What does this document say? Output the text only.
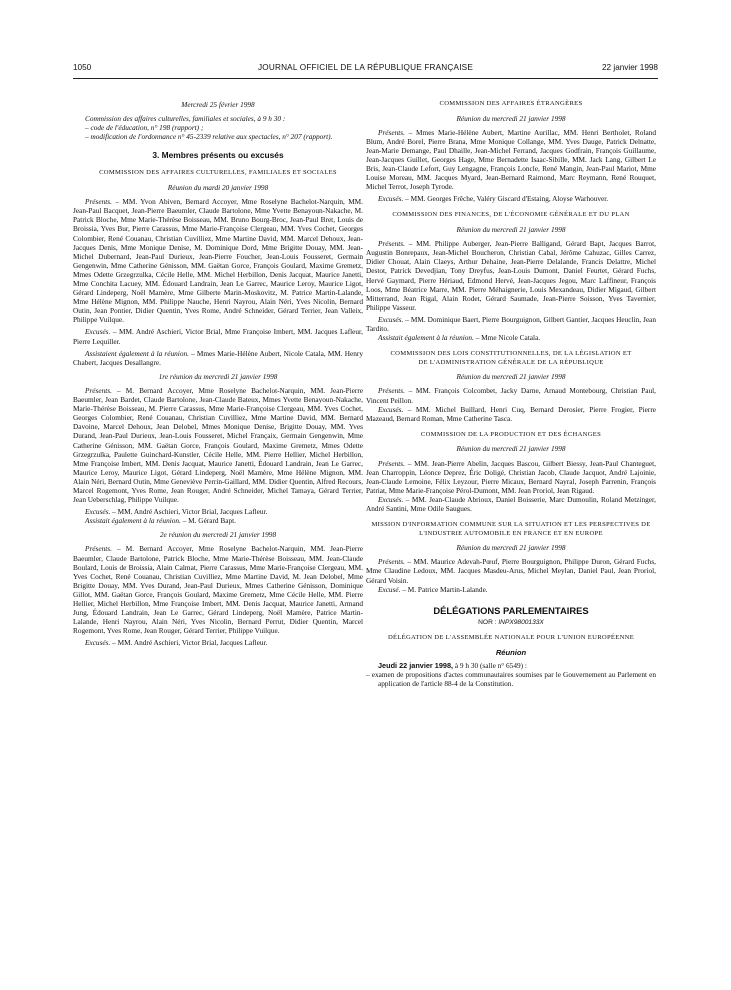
1050	JOURNAL OFFICIEL DE LA RÉPUBLIQUE FRANÇAISE	22 janvier 1998
Mercredi 25 février 1998

Commission des affaires culturelles, familiales et sociales, à 9 h 30 :

– code de l'éducation, n° 198 (rapport) ;
– modification de l'ordonnance n° 45-2339 relative aux spectacles, n° 207 (rapport).
3. Membres présents ou excusés
COMMISSION DES AFFAIRES CULTURELLES, FAMILIALES ET SOCIALES
Réunion du mardi 20 janvier 1998

Présents. – MM. Yvon Abiven, Bernard Accoyer, Mme Roselyne Bachelot-Narquin, MM. Jean-Paul Bacquet, Jean-Pierre Baeumler, Claude Bartolone, Mme Yvette Benayoun-Nakache, M. Patrick Bloche, Mme Marie-Thérèse Boisseau, MM. Bruno Bourg-Broc, Jean-Paul Bret, Louis de Broissia, Yves Bur, Pierre Carassus, Mme Marie-Françoise Clergeau, MM. Yves Cochet, Georges Colombier, René Couanau, Christian Cuvilliez, Mme Martine David, MM. Marcel Dehoux, Jean-Jacques Denis, Mme Monique Denise, M. Dominique Dord, Mme Brigitte Douay, MM. Jean-Michel Dubernard, Jean-Paul Durieux, Jean-Pierre Foucher, Jean-Louis Fousseret, Germain Gengenwin, Mme Catherine Génisson, MM. Gaëtan Gorce, François Goulard, Maxime Gremetz, Mmes Odette Grzegrzulka, Cécile Helle, MM. Michel Herbillon, Denis Jacquat, Maurice Janetti, Mme Conchita Lacuey, MM. Édouard Landrain, Jean Le Garrec, Maurice Leroy, Maurice Ligot, Gérard Lindeperg, Noël Mamère, Mme Gilberte Marin-Moskovitz, M. Patrice Martin-Lalande, Mme Hélène Mignon, MM. Philippe Nauche, Henri Nayrou, Alain Néri, Yves Nicolin, Bernard Outin, Jean Pontier, Didier Quentin, Yves Rome, André Schneider, Gérard Terrier, Jean Valleix, Philippe Vuilque.

Excusés. – MM. André Aschieri, Victor Brial, Mme Françoise Imbert, MM. Jacques Lafleur, Pierre Lequiller.

Assistaient également à la réunion. – Mmes Marie-Hélène Aubert, Nicole Catala, MM. Henry Chabert, Jacques Desallangre.

1re réunion du mercredi 21 janvier 1998

Présents. – M. Bernard Accoyer, Mme Roselyne Bachelot-Narquin, MM. Jean-Pierre Baeumler, Jean Bardet, Claude Bartolone, Jean-Claude Bateux, Mmes Yvette Benayoun-Nakache, Marie-Thérèse Boisseau, M. Pierre Carassus, Mme Marie-Françoise Clergeau, MM. Yves Cochet, Georges Colombier, René Couanau, Christian Cuvilliez, Mme Martine David, MM. Bernard Davoine, Marcel Dehoux, Jean Delobel, Mmes Monique Denise, Brigitte Douay, MM. Yves Durand, Jean-Paul Durieux, Jean-Louis Fousseret, Michel Françaix, Germain Gengenwin, Mme Catherine Génisson, MM. Gaëtan Gorce, François Goulard, Maxime Gremetz, Mmes Odette Grzegrzulka, Paulette Guinchard-Kunstler, Cécile Helle, MM. Pierre Hellier, Michel Herbillon, Mme Françoise Imbert, MM. Denis Jacquat, Maurice Janetti, Édouard Landrain, Jean Le Garrec, Maurice Leroy, Maurice Ligot, Gérard Lindeperg, Noël Mamère, Mme Hélène Mignon, MM. Alain Néri, Bernard Outin, Mme Geneviève Perrin-Gaillard, MM. Didier Quentin, Alfred Recours, Marcel Rogemont, Yves Rome, Jean Rouger, André Schneider, Michel Tamaya, Gérard Terrier, Jean Ueberschlag, Philippe Vuilque.

Excusés. – MM. André Aschieri, Victor Brial, Jacques Lafleur.

Assistait également à la réunion. – M. Gérard Bapt.

2e réunion du mercredi 21 janvier 1998

Présents. – M. Bernard Accoyer, Mme Roselyne Bachelot-Narquin, MM. Jean-Pierre Baeumler, Claude Bartolone, Patrick Bloche, Mme Marie-Thérèse Boisseau, MM. Jean-Claude Boulard, Louis de Broissia, Alain Calmat, Pierre Carassus, Mme Marie-Françoise Clergeau, MM. Yves Cochet, René Couanau, Christian Cuvilliez, Mme Martine David, M. Jean Delobel, Mme Brigitte Douay, MM. Yves Durand, Jean-Paul Durieux, Mmes Catherine Génisson, Dominique Gillot, MM. Gaëtan Gorce, François Goulard, Maxime Gremetz, Mme Cécile Helle, MM. Pierre Hellier, Michel Herbillon, Mme Françoise Imbert, MM. Denis Jacquat, Maurice Janetti, Armand Jung, Édouard Landrain, Jean Le Garrec, Gérard Lindeperg, Noël Mamère, Patrice Martin-Lalande, Henri Nayrou, Alain Néri, Yves Nicolin, Bernard Perrut, Didier Quentin, Marcel Rogemont, Yves Rome, Jean Rouger, Gérard Terrier, Philippe Vuilque.

Excusés. – MM. André Aschieri, Victor Brial, Jacques Lafleur.

COMMISSION DES AFFAIRES ÉTRANGÈRES
Réunion du mercredi 21 janvier 1998

Présents. – Mmes Marie-Hélène Aubert, Martine Aurillac, MM. Henri Bertholet, Roland Blum, André Borel, Pierre Brana, Mme Monique Collange, MM. Yves Dauge, Patrick Delnatte, Jean-Marie Demange, Paul Dhaille, Jean-Michel Ferrand, Jacques Godfrain, François Guillaume, Jean-Jacques Guillet, Georges Hage, Mme Bernadette Isaac-Sibille, MM. Jack Lang, Gilbert Le Bris, Jean-Claude Lefort, Guy Lengagne, François Loncle, René Mangin, Jean-Paul Mariot, Mme Louise Moreau, MM. Jacques Myard, Jean-Bernard Raimond, Marc Reymann, René Rouquet, Michel Terrot, Joseph Tyrode.

Excusés. – MM. Georges Frêche, Valéry Giscard d'Estaing, Aloyse Warhouver.

COMMISSION DES FINANCES, DE L'ÉCONOMIE GÉNÉRALE ET DU PLAN
Réunion du mercredi 21 janvier 1998

Présents. – MM. Philippe Auberger, Jean-Pierre Balligand, Gérard Bapt, Jacques Barrot, Augustin Bonrepaux, Jean-Michel Boucheron, Christian Cabal, Jérôme Cahuzac, Gilles Carrez, Didier Chouat, Alain Claeys, Arthur Dehaine, Jean-Pierre Delalande, Francis Delattre, Michel Destot, Patrick Devedjian, Tony Dreyfus, Jean-Louis Dumont, Daniel Feurtet, Gérard Fuchs, Hervé Gaymard, Pierre Hériaud, Edmond Hervé, Jean-Jacques Jegou, Marc Laffineur, François Loos, Mme Béatrice Marre, MM. Pierre Méhaignerie, Louis Mexandeau, Didier Migaud, Gilbert Mitterrand, Jean Rigal, Alain Rodet, Gérard Saumade, Jean-Pierre Soisson, Yves Tavernier, Philippe Vasseur.

Excusés. – MM. Dominique Baert, Pierre Bourguignon, Gilbert Gantier, Jacques Heuclin, Jean Tardito.

Assistait également à la réunion. – Mme Nicole Catala.

COMMISSION DES LOIS CONSTITUTIONNELLES, DE LA LÉGISLATION ET DE L'ADMINISTRATION GÉNÉRALE DE LA RÉPUBLIQUE
Réunion du mercredi 21 janvier 1998

Présents. – MM. François Colcombet, Jacky Darne, Arnaud Montebourg, Christian Paul, Vincent Peillon.

Excusés. – MM. Michel Buillard, Henri Cuq, Bernard Derosier, Pierre Frogier, Pierre Mazeaud, Bernard Roman, Mme Catherine Tasca.

COMMISSION DE LA PRODUCTION ET DES ÉCHANGES
Réunion du mercredi 21 janvier 1998

Présents. – MM. Jean-Pierre Abelin, Jacques Bascou, Gilbert Biessy, Jean-Paul Chanteguet, Jean Charroppin, Léonce Deprez, Éric Doligé, Christian Jacob, Claude Jacquot, André Lajoinie, Jean-Claude Lemoine, Félix Leyzour, Pierre Micaux, Bernard Nayral, Joseph Parrenin, François Patriat, Mme Marie-Françoise Pérol-Dumont, MM. Jean Proriol, Jean Rigaud.

Excusés. – MM. Jean-Claude Abrioux, Daniel Boisserie, Marc Dumoulin, Roland Metzinger, André Santini, Mme Odile Saugues.

MISSION D'INFORMATION COMMUNE SUR LA SITUATION ET LES PERSPECTIVES DE L'INDUSTRIE AUTOMOBILE EN FRANCE ET EN EUROPE
Réunion du mercredi 21 janvier 1998

Présents. – MM. Maurice Adevah-Pœuf, Pierre Bourguignon, Philippe Duron, Gérard Fuchs, Mme Claudine Ledoux, MM. Jacques Masdeu-Arus, Michel Meylan, Daniel Paul, Jean Proriol, Gérard Voisin.

Excusé. – M. Patrice Martin-Lalande.

DÉLÉGATIONS PARLEMENTAIRES
NOR : INPX9800133X
DÉLÉGATION DE L'ASSEMBLÉE NATIONALE POUR L'UNION EUROPÉENNE
Réunion

Jeudi 22 janvier 1998, à 9 h 30 (salle n° 6549) :

– examen de propositions d'actes communautaires soumises par le Gouvernement au Parlement en application de l'article 88-4 de la Constitution.
